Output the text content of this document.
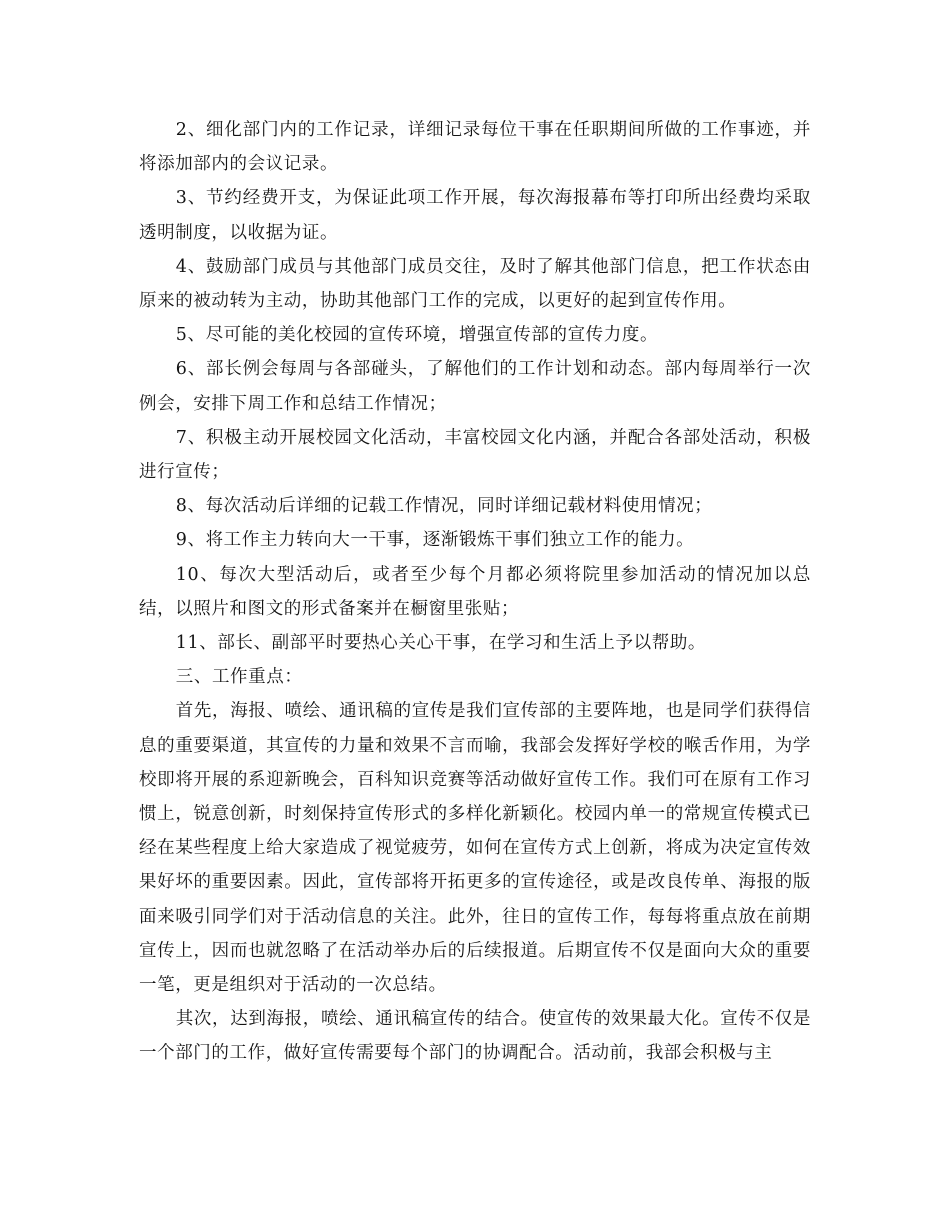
2、细化部门内的工作记录，详细记录每位干事在任职期间所做的工作事迹，并将添加部内的会议记录。

3、节约经费开支，为保证此项工作开展，每次海报幕布等打印所出经费均采取透明制度，以收据为证。

4、鼓励部门成员与其他部门成员交往，及时了解其他部门信息，把工作状态由原来的被动转为主动，协助其他部门工作的完成，以更好的起到宣传作用。

5、尽可能的美化校园的宣传环境，增强宣传部的宣传力度。

6、部长例会每周与各部碰头，了解他们的工作计划和动态。部内每周举行一次例会，安排下周工作和总结工作情况；

7、积极主动开展校园文化活动，丰富校园文化内涵，并配合各部处活动，积极进行宣传；

8、每次活动后详细的记载工作情况，同时详细记载材料使用情况；

9、将工作主力转向大一干事，逐渐锻炼干事们独立工作的能力。

10、每次大型活动后，或者至少每个月都必须将院里参加活动的情况加以总结，以照片和图文的形式备案并在橱窗里张贴；

11、部长、副部平时要热心关心干事，在学习和生活上予以帮助。

三、工作重点：

首先，海报、喷绘、通讯稿的宣传是我们宣传部的主要阵地，也是同学们获得信息的重要渠道，其宣传的力量和效果不言而喻，我部会发挥好学校的喉舌作用，为学校即将开展的系迎新晚会，百科知识竞赛等活动做好宣传工作。我们可在原有工作习惯上，锐意创新，时刻保持宣传形式的多样化新颖化。校园内单一的常规宣传模式已经在某些程度上给大家造成了视觉疲劳，如何在宣传方式上创新，将成为决定宣传效果好坏的重要因素。因此，宣传部将开拓更多的宣传途径，或是改良传单、海报的版面来吸引同学们对于活动信息的关注。此外，往日的宣传工作，每每将重点放在前期宣传上，因而也就忽略了在活动举办后的后续报道。后期宣传不仅是面向大众的重要一笔，更是组织对于活动的一次总结。

其次，达到海报，喷绘、通讯稿宣传的结合。使宣传的效果最大化。宣传不仅是一个部门的工作，做好宣传需要每个部门的协调配合。活动前，我部会积极与主
